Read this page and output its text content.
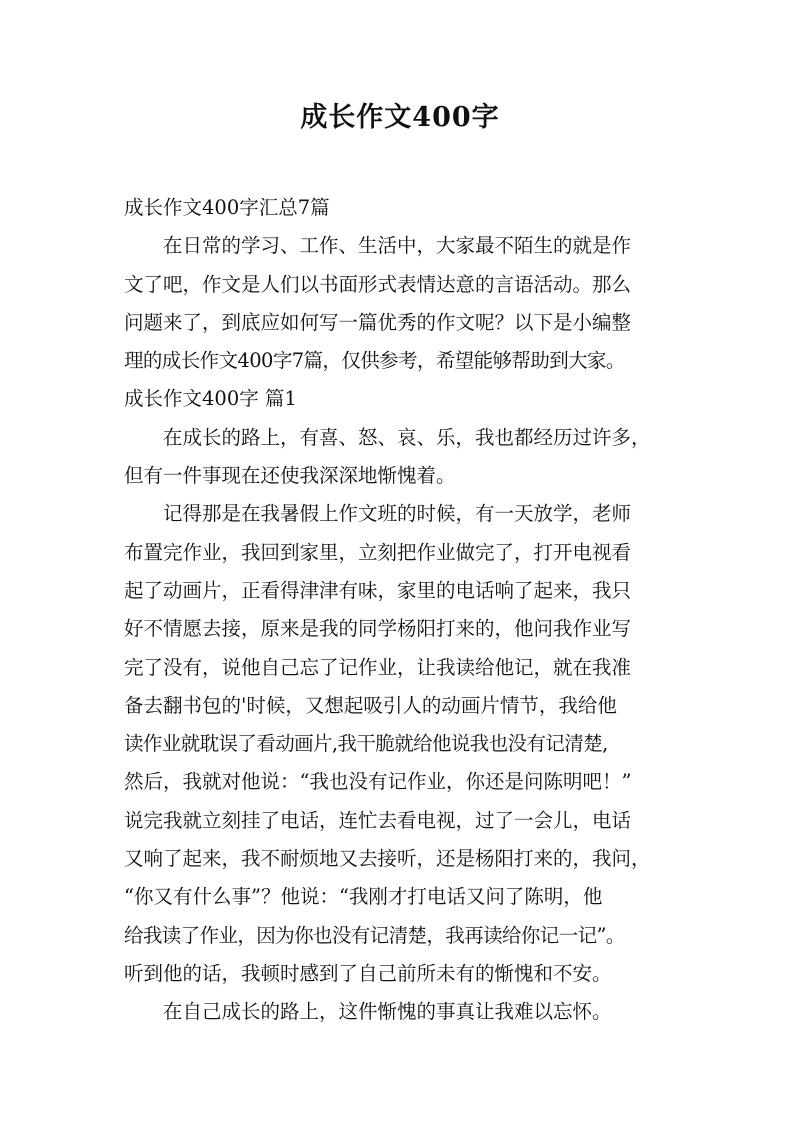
成长作文400字
成长作文400字汇总7篇
在日常的学习、工作、生活中，大家最不陌生的就是作
文了吧，作文是人们以书面形式表情达意的言语活动。那么
问题来了，到底应如何写一篇优秀的作文呢？以下是小编整
理的成长作文400字7篇，仅供参考，希望能够帮助到大家。
成长作文400字 篇1
在成长的路上，有喜、怒、哀、乐，我也都经历过许多，
但有一件事现在还使我深深地惭愧着。
记得那是在我暑假上作文班的时候，有一天放学，老师
布置完作业，我回到家里，立刻把作业做完了，打开电视看
起了动画片，正看得津津有味，家里的电话响了起来，我只
好不情愿去接，原来是我的同学杨阳打来的，他问我作业写
完了没有，说他自己忘了记作业，让我读给他记，就在我准
备去翻书包的'时候，又想起吸引人的动画片情节，我给他
读作业就耽误了看动画片,我干脆就给他说我也没有记清楚,
然后，我就对他说：“我也没有记作业，你还是问陈明吧！”
说完我就立刻挂了电话，连忙去看电视，过了一会儿，电话
又响了起来，我不耐烦地又去接听，还是杨阳打来的，我问，
“你又有什么事”？他说：“我刚才打电话又问了陈明，他
给我读了作业，因为你也没有记清楚，我再读给你记一记”。
听到他的话，我顿时感到了自己前所未有的惭愧和不安。
在自己成长的路上，这件惭愧的事真让我难以忘怀。
